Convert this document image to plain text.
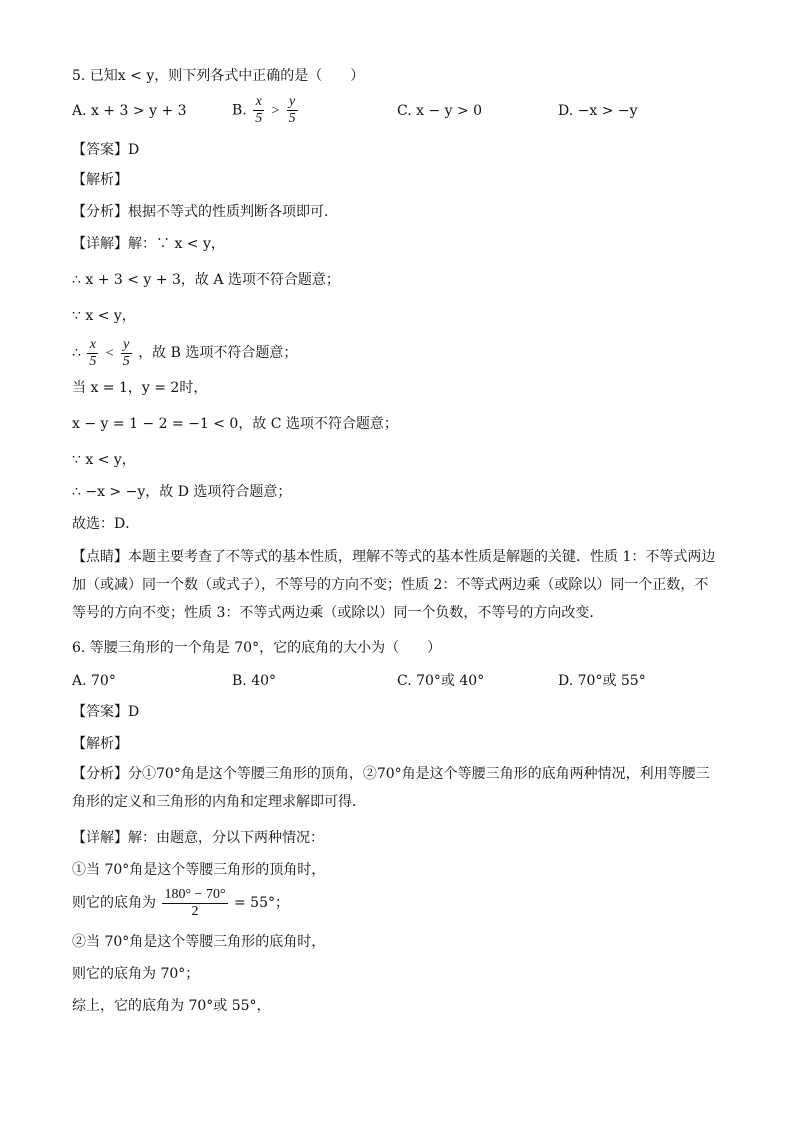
5. 已知x < y，则下列各式中正确的是（　　）
A. x + 3 > y + 3	B. $\frac{x}{5} > \frac{y}{5}$	C. x − y > 0	D. −x > −y
【答案】D
【解析】
【分析】根据不等式的性质判断各项即可．
【详解】解：∵ x < y，
∴ x + 3 < y + 3，故 A 选项不符合题意；
∵ x < y，
∴ $\frac{x}{5} < \frac{y}{5}$ ，故 B 选项不符合题意；
当 x = 1，y = 2时，
x − y = 1 − 2 = −1 < 0，故 C 选项不符合题意；
∵ x < y，
∴ −x > −y，故 D 选项符合题意；
故选：D．
【点睛】本题主要考查了不等式的基本性质，理解不等式的基本性质是解题的关键．性质 1：不等式两边加（或减）同一个数（或式子），不等号的方向不变；性质 2：不等式两边乘（或除以）同一个正数，不等号的方向不变；性质 3：不等式两边乘（或除以）同一个负数，不等号的方向改变．
6. 等腰三角形的一个角是 70°，它的底角的大小为（　　）
A. 70°	B. 40°	C. 70°或 40°	D. 70°或 55°
【答案】D
【解析】
【分析】分①70°角是这个等腰三角形的顶角，②70°角是这个等腰三角形的底角两种情况，利用等腰三角形的定义和三角形的内角和定理求解即可得．
【详解】解：由题意，分以下两种情况：
①当 70°角是这个等腰三角形的顶角时，
则它的底角为 $\frac{180^\circ - 70^\circ}{2} = 55^\circ$；
②当 70°角是这个等腰三角形的底角时，
则它的底角为 70°；
综上，它的底角为 70°或 55°，
